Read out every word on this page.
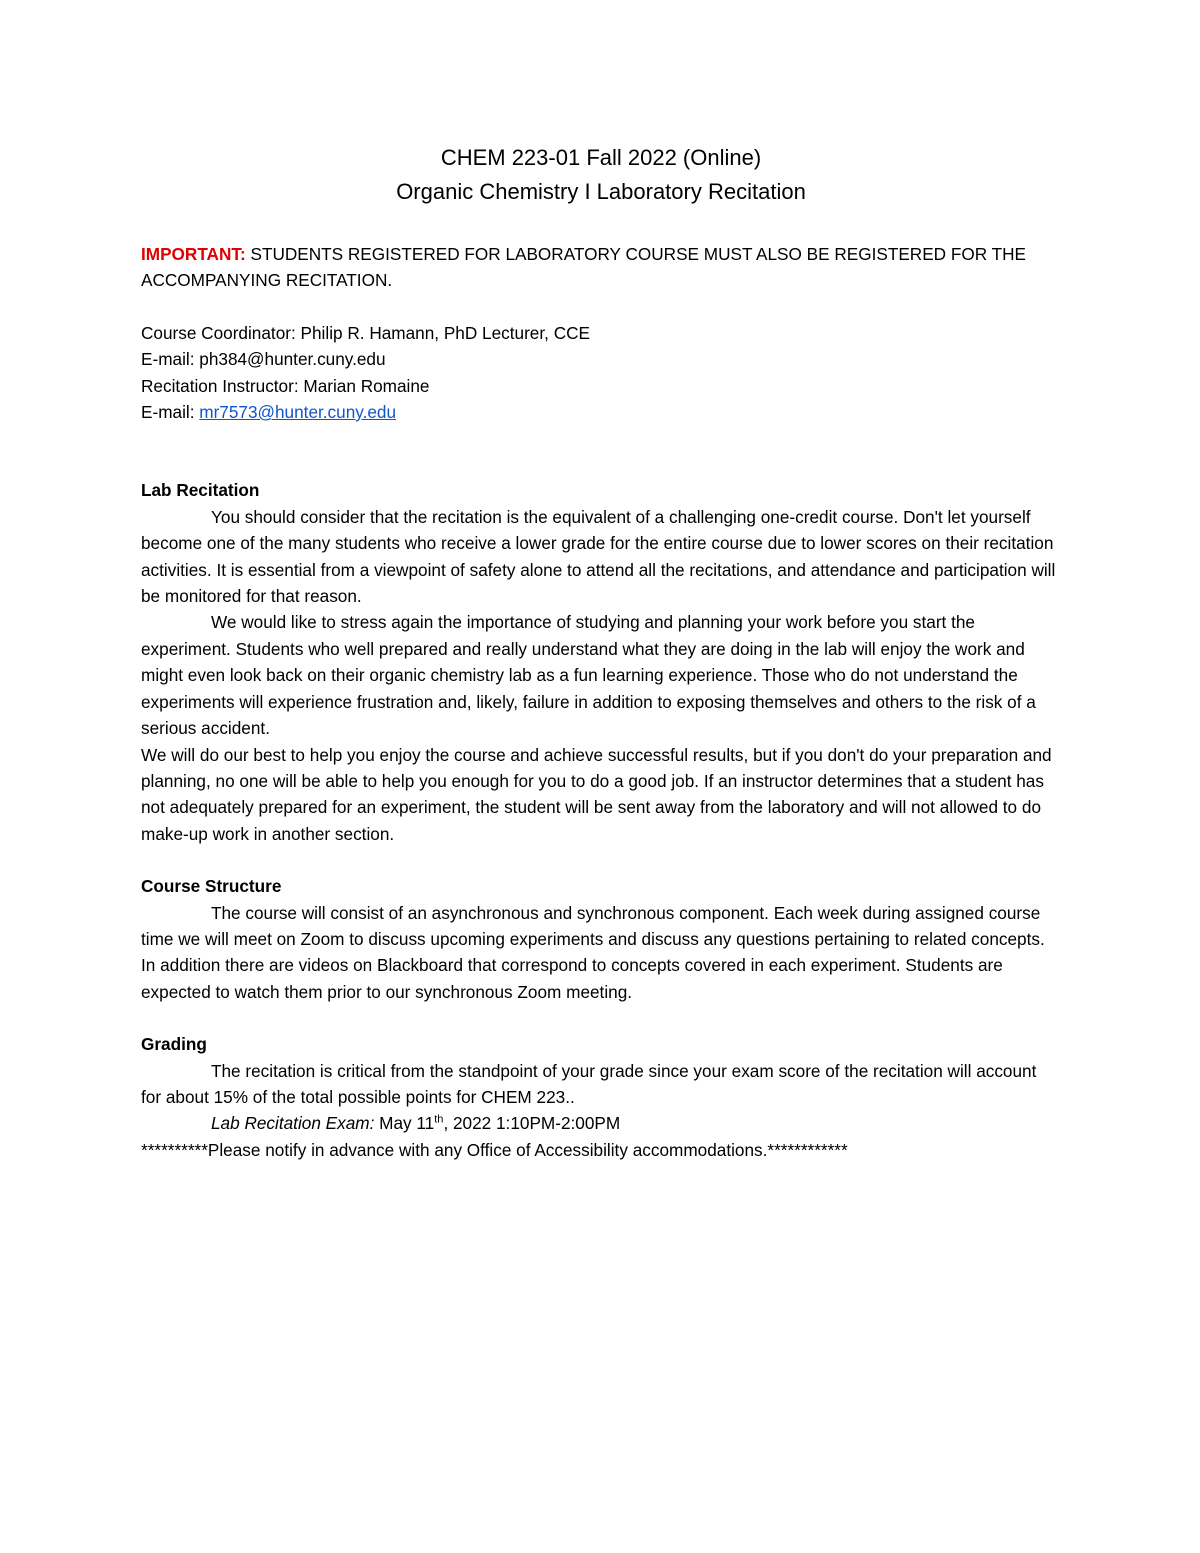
CHEM 223-01 Fall 2022 (Online)
Organic Chemistry I Laboratory Recitation

IMPORTANT: STUDENTS REGISTERED FOR LABORATORY COURSE MUST ALSO BE REGISTERED FOR THE ACCOMPANYING RECITATION.

Course Coordinator: Philip R. Hamann, PhD Lecturer, CCE
E-mail: ph384@hunter.cuny.edu
Recitation Instructor: Marian Romaine
E-mail: mr7573@hunter.cuny.edu
Lab Recitation

You should consider that the recitation is the equivalent of a challenging one-credit course. Don't let yourself become one of the many students who receive a lower grade for the entire course due to lower scores on their recitation activities. It is essential from a viewpoint of safety alone to attend all the recitations, and attendance and participation will be monitored for that reason.

We would like to stress again the importance of studying and planning your work before you start the experiment. Students who well prepared and really understand what they are doing in the lab will enjoy the work and might even look back on their organic chemistry lab as a fun learning experience. Those who do not understand the experiments will experience frustration and, likely, failure in addition to exposing themselves and others to the risk of a serious accident.

We will do our best to help you enjoy the course and achieve successful results, but if you don't do your preparation and planning, no one will be able to help you enough for you to do a good job. If an instructor determines that a student has not adequately prepared for an experiment, the student will be sent away from the laboratory and will not allowed to do make-up work in another section.

Course Structure

The course will consist of an asynchronous and synchronous component. Each week during assigned course time we will meet on Zoom to discuss upcoming experiments and discuss any questions pertaining to related concepts. In addition there are videos on Blackboard that correspond to concepts covered in each experiment. Students are expected to watch them prior to our synchronous Zoom meeting.

Grading

The recitation is critical from the standpoint of your grade since your exam score of the recitation will account for about 15% of the total possible points for CHEM 223..

Lab Recitation Exam: May 11th, 2022 1:10PM-2:00PM

**********Please notify in advance with any Office of Accessibility accommodations.************
